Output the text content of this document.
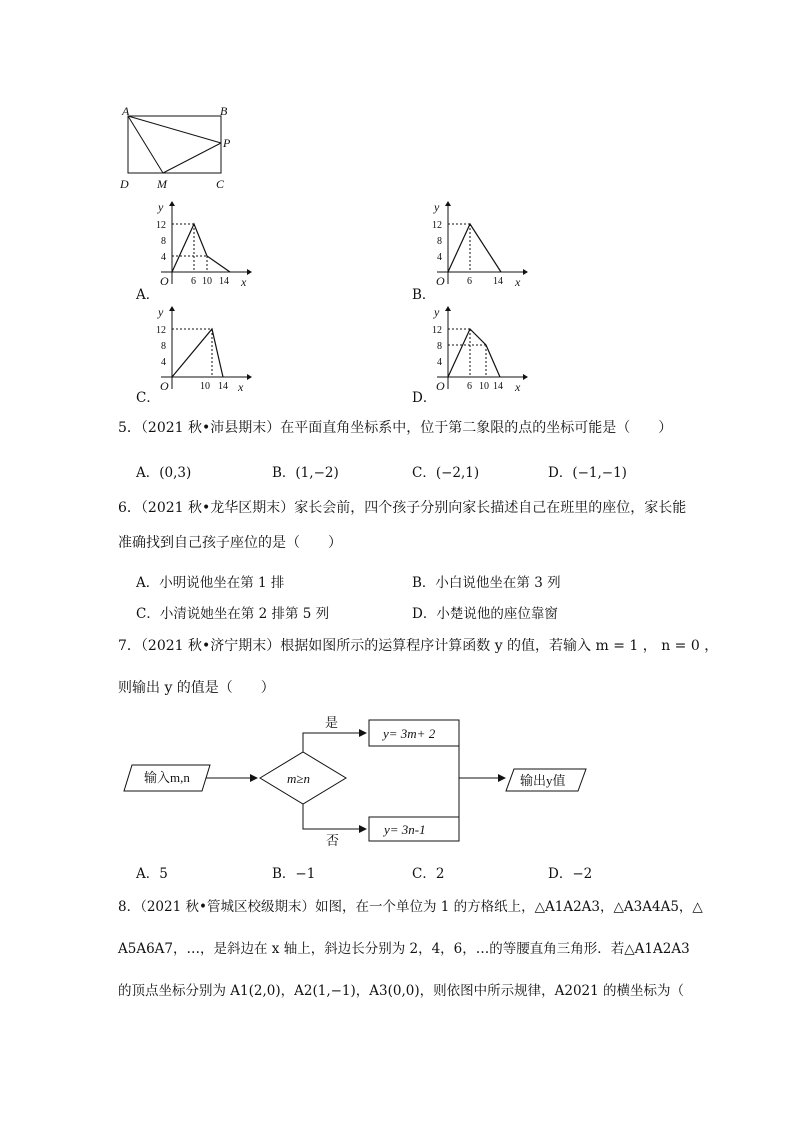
A	B
P
D M	C
A．
y
12
8
4
O 6 10 14 x
B．
y
12
8
4
O 6 14 x
C．
y
12
8
4
O	10 14 x
D．
y
12
8
4
O 6 10 14 x
5．（2021 秋•沛县期末）在平面直角坐标系中，位于第二象限的点的坐标可能是（　　）
A．(0,3)	B．(1,−2)	C．(−2,1)	D．(−1,−1)
6．（2021 秋•龙华区期末）家长会前，四个孩子分别向家长描述自己在班里的座位，家长能
准确找到自己孩子座位的是（　　）
A．小明说他坐在第 1 排	B．小白说他坐在第 3 列
C．小清说她坐在第 2 排第 5 列	D．小楚说他的座位靠窗
7．（2021 秋•济宁期末）根据如图所示的运算程序计算函数 y 的值，若输入 m = 1 ， n = 0 ，
则输出 y 的值是（　　）
输入m,n	m≥n
是
y= 3m+ 2
否
y= 3n-1
输出y值
A．5	B．−1	C．2	D．−2
8．（2021 秋•管城区校级期末）如图，在一个单位为 1 的方格纸上，△A1A2A3，△A3A4A5，△
A5A6A7，…，是斜边在 x 轴上，斜边长分别为 2，4，6，…的等腰直角三角形．若△A1A2A3
的顶点坐标分别为 A1(2,0)，A2(1,−1)，A3(0,0)，则依图中所示规律，A2021 的横坐标为（
